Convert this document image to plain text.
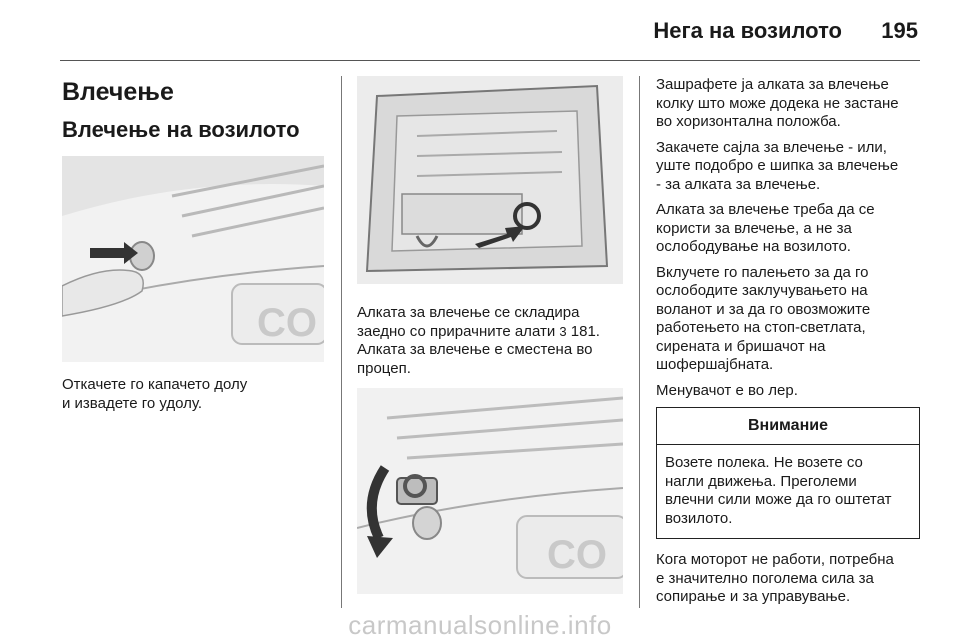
Нега на возилото 195
Влечење
Влечење на возилото
CO
Откачете го капачето долу
и извадете го удолу.
Алката за влечење се складира
заедно со прирачните алати 3 181.
Алката за влечење е сместена во
процеп.
CO
Зашрафете ја алката за влечење
колку што може додека не застане
во хоризонтална положба.
Закачете сајла за влечење - или,
уште подобро е шипка за влечење
- за алката за влечење.
Алката за влечење треба да се
користи за влечење, а не за
ослободување на возилото.
Вклучете го палењето за да го
ослободите заклучувањето на
воланот и за да го овозможите
работењето на стоп-светлата,
сирената и бришачот на
шофершајбната.
Менувачот е во лер.
Внимание
Возете полека. Не возете со
нагли движења. Преголеми
влечни сили може да го оштетат
возилото.
Кога моторот не работи, потребна
е значително поголема сила за
сопирање и за управување.
carmanualsonline.info
